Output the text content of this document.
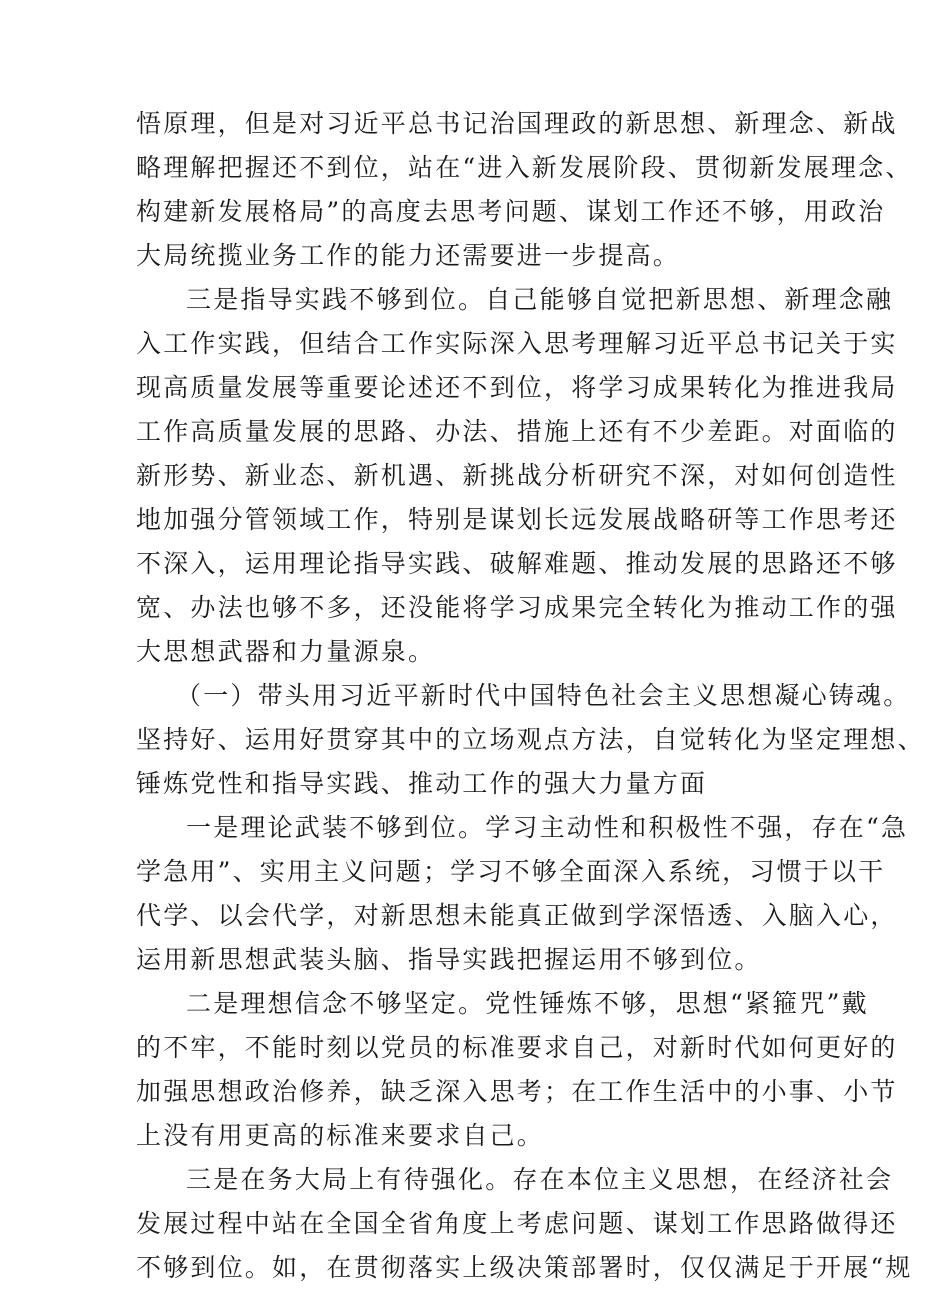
悟原理，但是对习近平总书记治国理政的新思想、新理念、新战
略理解把握还不到位，站在“进入新发展阶段、贯彻新发展理念、
构建新发展格局”的高度去思考问题、谋划工作还不够，用政治
大局统揽业务工作的能力还需要进一步提高。
三是指导实践不够到位。自己能够自觉把新思想、新理念融
入工作实践，但结合工作实际深入思考理解习近平总书记关于实
现高质量发展等重要论述还不到位，将学习成果转化为推进我局
工作高质量发展的思路、办法、措施上还有不少差距。对面临的
新形势、新业态、新机遇、新挑战分析研究不深，对如何创造性
地加强分管领域工作，特别是谋划长远发展战略研等工作思考还
不深入，运用理论指导实践、破解难题、推动发展的思路还不够
宽、办法也够不多，还没能将学习成果完全转化为推动工作的强
大思想武器和力量源泉。
（一）带头用习近平新时代中国特色社会主义思想凝心铸魂。
坚持好、运用好贯穿其中的立场观点方法，自觉转化为坚定理想、
锤炼党性和指导实践、推动工作的强大力量方面
一是理论武装不够到位。学习主动性和积极性不强，存在“急
学急用”、实用主义问题；学习不够全面深入系统，习惯于以干
代学、以会代学，对新思想未能真正做到学深悟透、入脑入心，
运用新思想武装头脑、指导实践把握运用不够到位。
二是理想信念不够坚定。党性锤炼不够，思想“紧箍咒”戴
的不牢，不能时刻以党员的标准要求自己，对新时代如何更好的
加强思想政治修养，缺乏深入思考；在工作生活中的小事、小节
上没有用更高的标准来要求自己。
三是在务大局上有待强化。存在本位主义思想，在经济社会
发展过程中站在全国全省角度上考虑问题、谋划工作思路做得还
不够到位。如，在贯彻落实上级决策部署时，仅仅满足于开展“规
